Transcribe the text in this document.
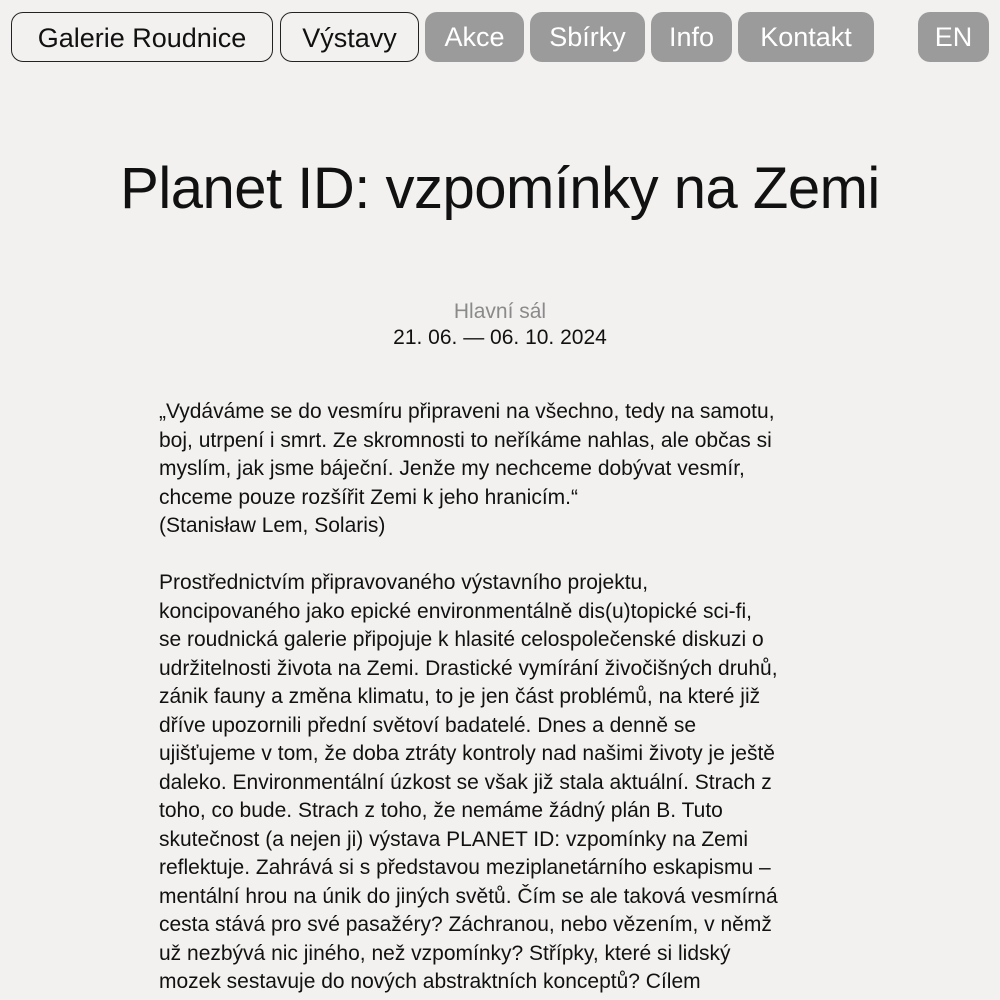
Galerie Roudnice	Výstavy	Akce	Sbírky	Info	Kontakt	EN
Planet ID: vzpomínky na Zemi
Hlavní sál
21. 06. — 06. 10. 2024

„Vydáváme se do vesmíru připraveni na všechno, tedy na samotu,

boj, utrpení i smrt. Ze skromnosti to neříkáme nahlas, ale občas si

myslím, jak jsme báječní. Jenže my nechceme dobývat vesmír,

chceme pouze rozšířit Zemi k jeho hranicím.“

(Stanisław Lem, Solaris)

Prostřednictvím připravovaného výstavního projektu,

koncipovaného jako epické environmentálně dis(u)topické sci-fi,

se roudnická galerie připojuje k hlasité celospolečenské diskuzi o

udržitelnosti života na Zemi. Drastické vymírání živočišných druhů,

zánik fauny a změna klimatu, to je jen část problémů, na které již

dříve upozornili přední světoví badatelé. Dnes a denně se

ujišťujeme v tom, že doba ztráty kontroly nad našimi životy je ještě

daleko. Environmentální úzkost se však již stala aktuální. Strach z

toho, co bude. Strach z toho, že nemáme žádný plán B. Tuto

skutečnost (a nejen ji) výstava PLANET ID: vzpomínky na Zemi

reflektuje. Zahrává si s představou meziplanetárního eskapismu –

mentální hrou na únik do jiných světů. Čím se ale taková vesmírná

cesta stává pro své pasažéry? Záchranou, nebo vězením, v němž

už nezbývá nic jiného, než vzpomínky? Střípky, které si lidský

mozek sestavuje do nových abstraktních konceptů? Cílem
